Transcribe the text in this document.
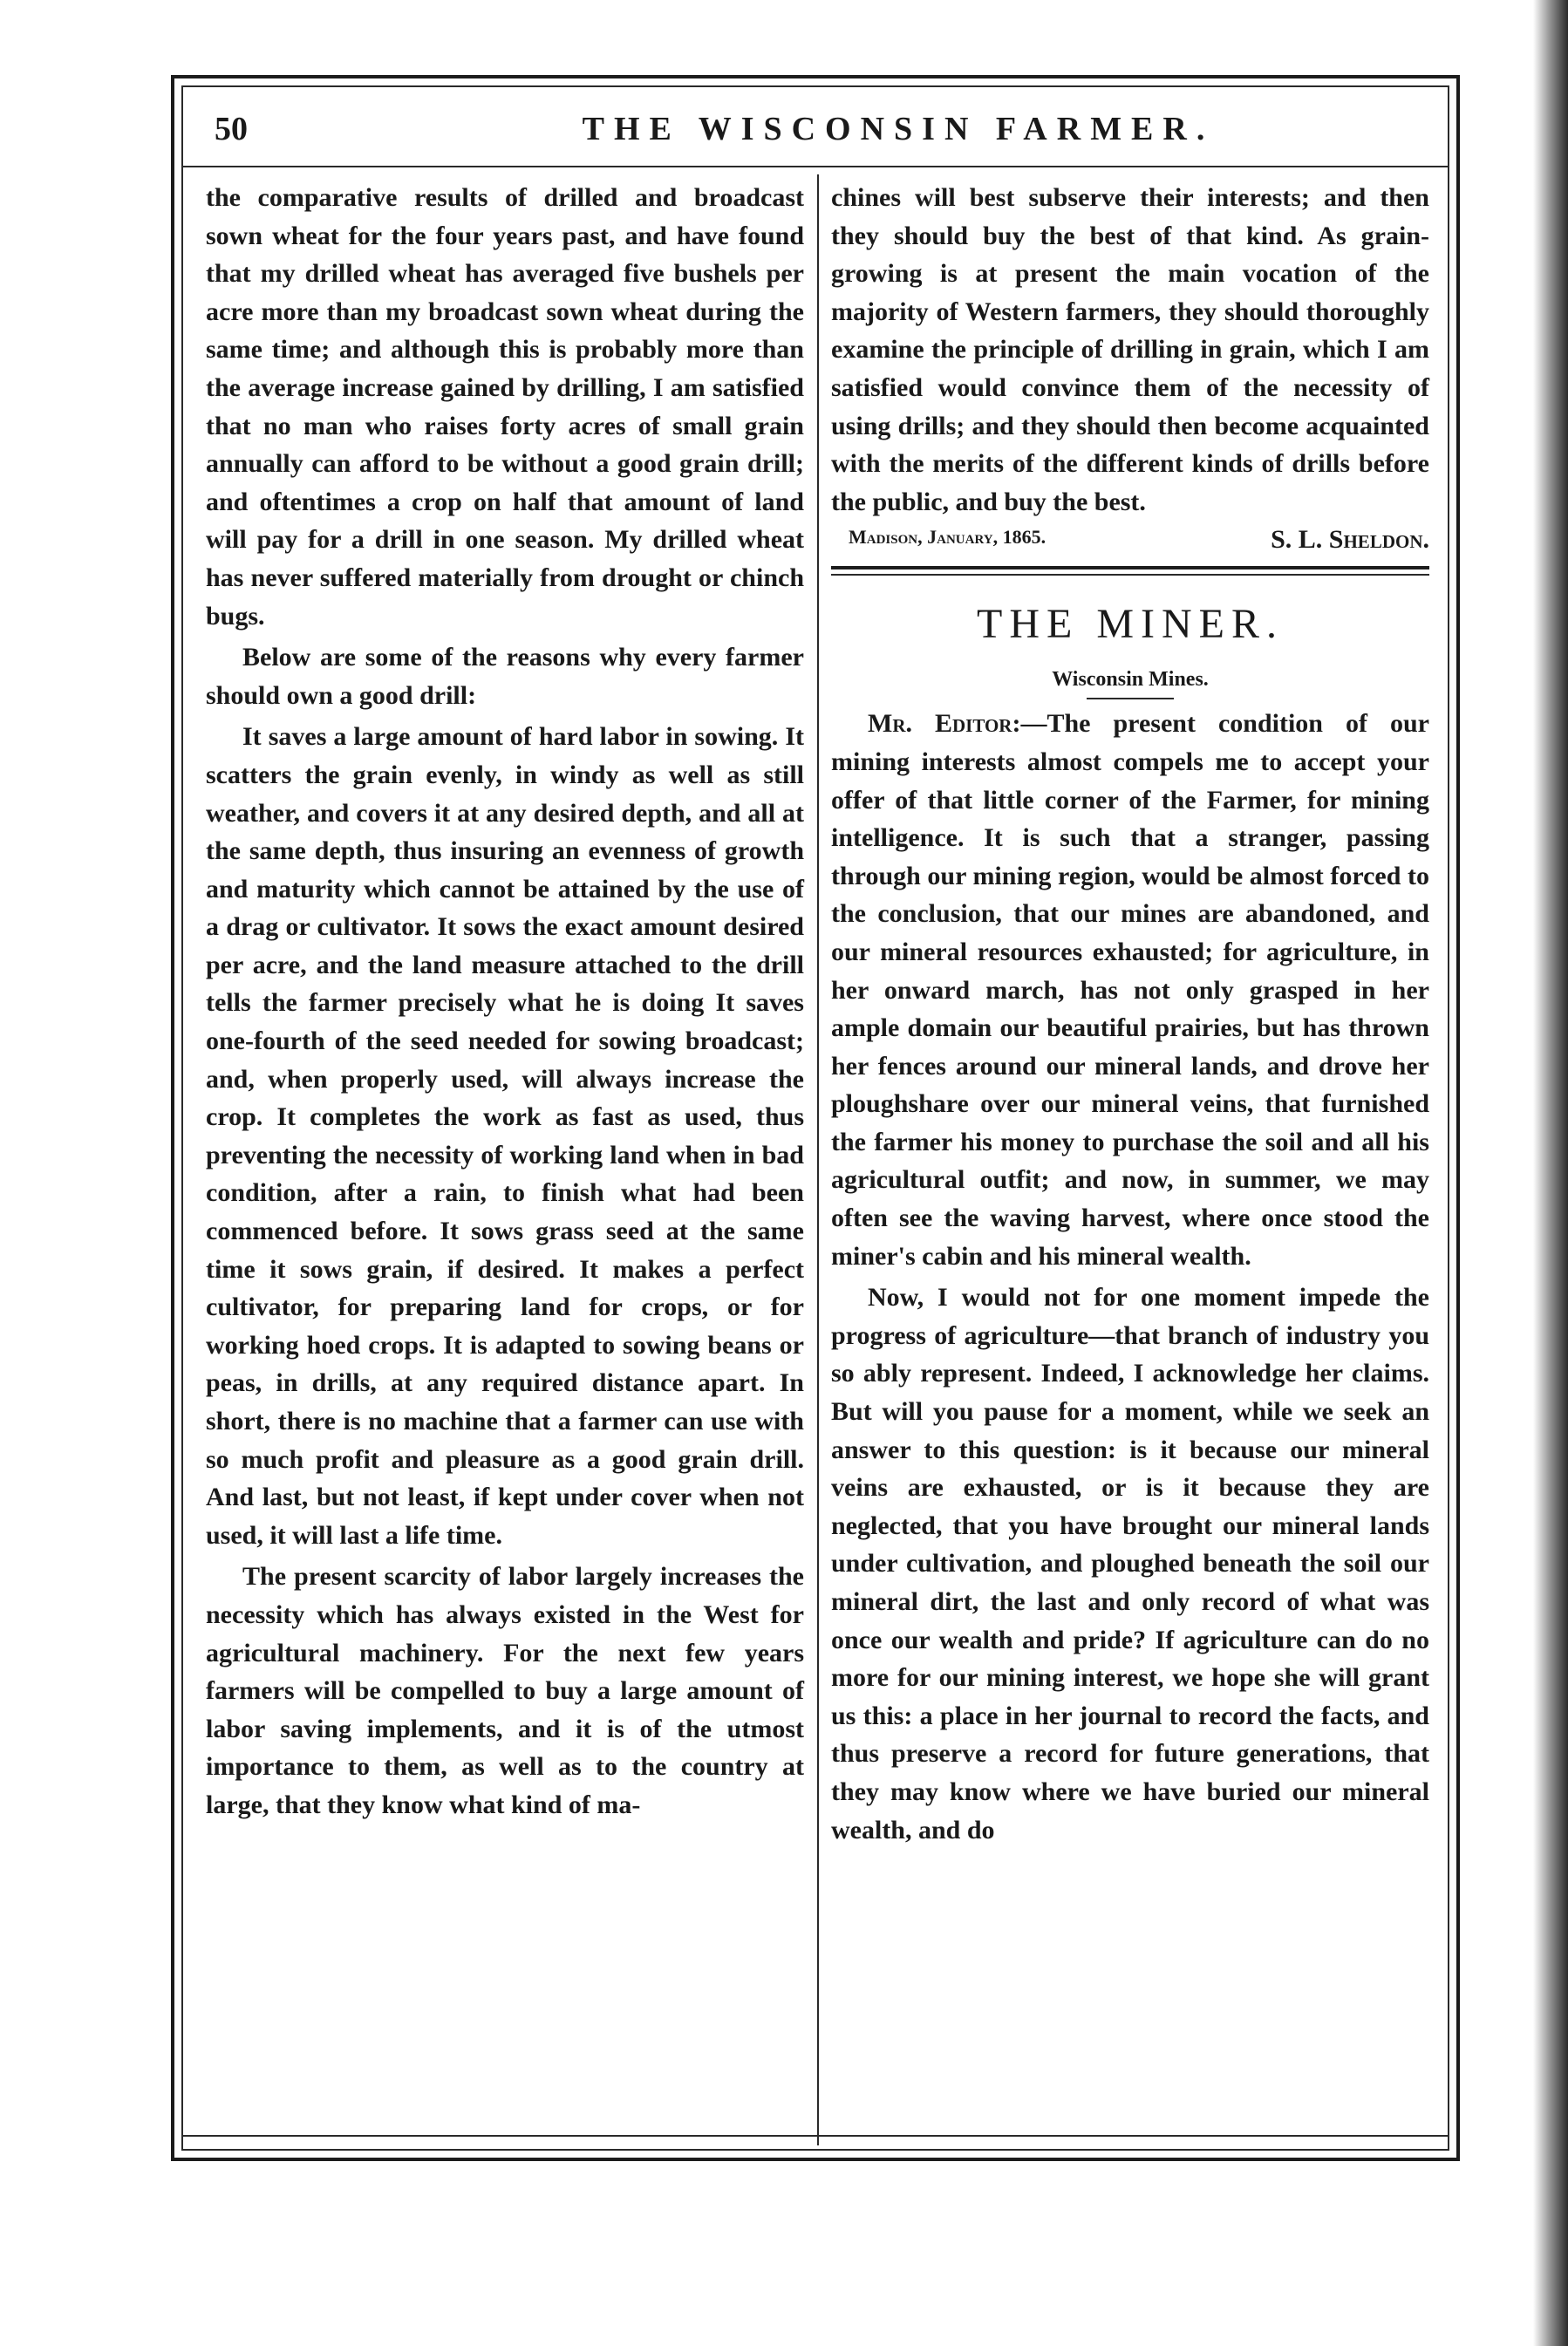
50	THE WISCONSIN FARMER.

the comparative results of drilled and broadcast sown wheat for the four years past, and have found that my drilled wheat has averaged five bushels per acre more than my broadcast sown wheat during the same time; and although this is probably more than the average increase gained by drilling, I am satisfied that no man who raises forty acres of small grain annually can afford to be without a good grain drill; and oftentimes a crop on half that amount of land will pay for a drill in one season. My drilled wheat has never suffered materially from drought or chinch bugs.

Below are some of the reasons why every farmer should own a good drill:

It saves a large amount of hard labor in sowing. It scatters the grain evenly, in windy as well as still weather, and covers it at any desired depth, and all at the same depth, thus insuring an evenness of growth and maturity which cannot be attained by the use of a drag or cultivator. It sows the exact amount desired per acre, and the land measure attached to the drill tells the farmer precisely what he is doing It saves one-fourth of the seed needed for sowing broadcast; and, when properly used, will always increase the crop. It completes the work as fast as used, thus preventing the necessity of working land when in bad condition, after a rain, to finish what had been commenced before. It sows grass seed at the same time it sows grain, if desired. It makes a perfect cultivator, for preparing land for crops, or for working hoed crops. It is adapted to sowing beans or peas, in drills, at any required distance apart. In short, there is no machine that a farmer can use with so much profit and pleasure as a good grain drill. And last, but not least, if kept under cover when not used, it will last a life time.

The present scarcity of labor largely increases the necessity which has always existed in the West for agricultural machinery. For the next few years farmers will be compelled to buy a large amount of labor saving implements, and it is of the utmost importance to them, as well as to the country at large, that they know what kind of ma-

chines will best subserve their interests; and then they should buy the best of that kind. As grain-growing is at present the main vocation of the majority of Western farmers, they should thoroughly examine the principle of drilling in grain, which I am satisfied would convince them of the necessity of using drills; and they should then become acquainted with the merits of the different kinds of drills before the public, and buy the best.

S. L. Sheldon.

Madison, January, 1865.

THE MINER.

Wisconsin Mines.

Mr. Editor:—The present condition of our mining interests almost compels me to accept your offer of that little corner of the Farmer, for mining intelligence. It is such that a stranger, passing through our mining region, would be almost forced to the conclusion, that our mines are abandoned, and our mineral resources exhausted; for agriculture, in her onward march, has not only grasped in her ample domain our beautiful prairies, but has thrown her fences around our mineral lands, and drove her ploughshare over our mineral veins, that furnished the farmer his money to purchase the soil and all his agricultural outfit; and now, in summer, we may often see the waving harvest, where once stood the miner's cabin and his mineral wealth.

Now, I would not for one moment impede the progress of agriculture—that branch of industry you so ably represent. Indeed, I acknowledge her claims. But will you pause for a moment, while we seek an answer to this question: is it because our mineral veins are exhausted, or is it because they are neglected, that you have brought our mineral lands under cultivation, and ploughed beneath the soil our mineral dirt, the last and only record of what was once our wealth and pride? If agriculture can do no more for our mining interest, we hope she will grant us this: a place in her journal to record the facts, and thus preserve a record for future generations, that they may know where we have buried our mineral wealth, and do
